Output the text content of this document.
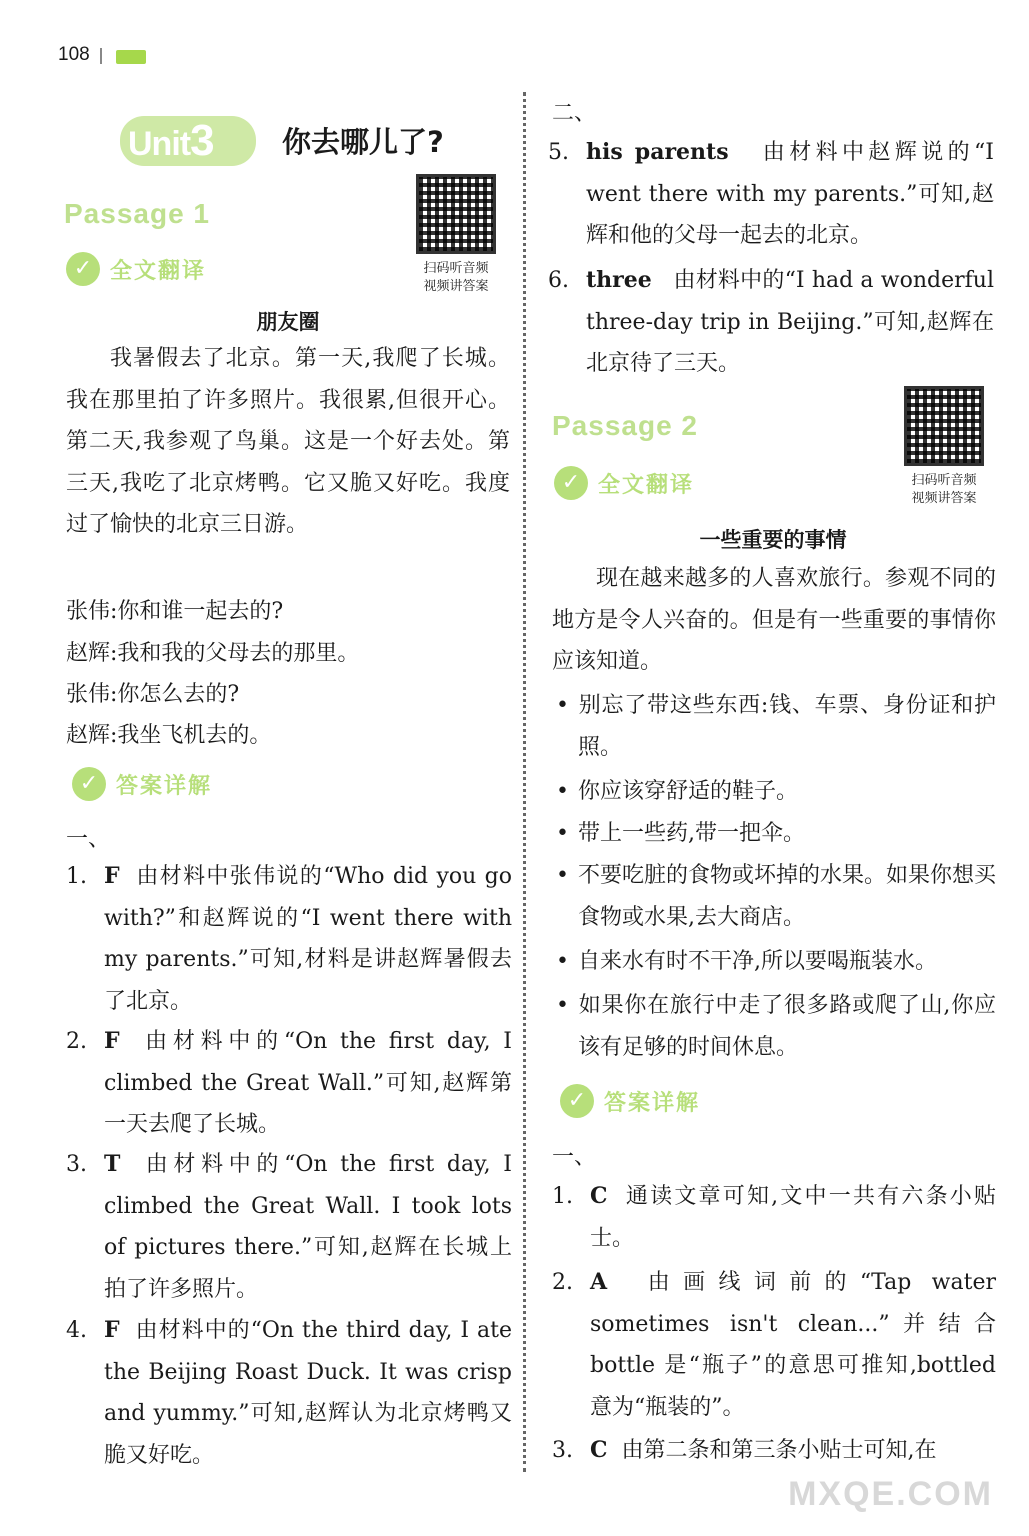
108
Unit3	你去哪儿了?
Passage 1
扫码听音频
视频讲答案
✓ 全文翻译
朋友圈
我暑假去了北京。第一天,我爬了长城。我在那里拍了许多照片。我很累,但很开心。第二天,我参观了鸟巢。这是一个好去处。第三天,我吃了北京烤鸭。它又脆又好吃。我度过了愉快的北京三日游。
张伟:你和谁一起去的?
赵辉:我和我的父母去的那里。
张伟:你怎么去的?
赵辉:我坐飞机去的。
✓ 答案详解
一、
1. F 由材料中张伟说的“Who did you go with?”和赵辉说的“I went there with my parents.”可知,材料是讲赵辉暑假去了北京。
2. F 由材料中的“On the first day, I climbed the Great Wall.”可知,赵辉第一天去爬了长城。
3. T 由材料中的“On the first day, I climbed the Great Wall. I took lots of pictures there.”可知,赵辉在长城上拍了许多照片。
4. F 由材料中的“On the third day, I ate the Beijing Roast Duck. It was crisp and yummy.”可知,赵辉认为北京烤鸭又脆又好吃。
二、
5. his parents 由材料中赵辉说的“I went there with my parents.”可知,赵辉和他的父母一起去的北京。
6. three 由材料中的“I had a wonderful three-day trip in Beijing.”可知,赵辉在北京待了三天。
Passage 2
扫码听音频
视频讲答案
✓ 全文翻译
一些重要的事情
现在越来越多的人喜欢旅行。参观不同的地方是令人兴奋的。但是有一些重要的事情你应该知道。
• 别忘了带这些东西:钱、车票、身份证和护照。
• 你应该穿舒适的鞋子。
• 带上一些药,带一把伞。
• 不要吃脏的食物或坏掉的水果。如果你想买食物或水果,去大商店。
• 自来水有时不干净,所以要喝瓶装水。
• 如果你在旅行中走了很多路或爬了山,你应该有足够的时间休息。
✓ 答案详解
一、
1. C 通读文章可知,文中一共有六条小贴士。
2. A 由画线词前的“Tap water sometimes isn't clean...”并结合 bottle 是“瓶子”的意思可推知,bottled 意为“瓶装的”。
3. C 由第二条和第三条小贴士可知,在
MXQE.COM
